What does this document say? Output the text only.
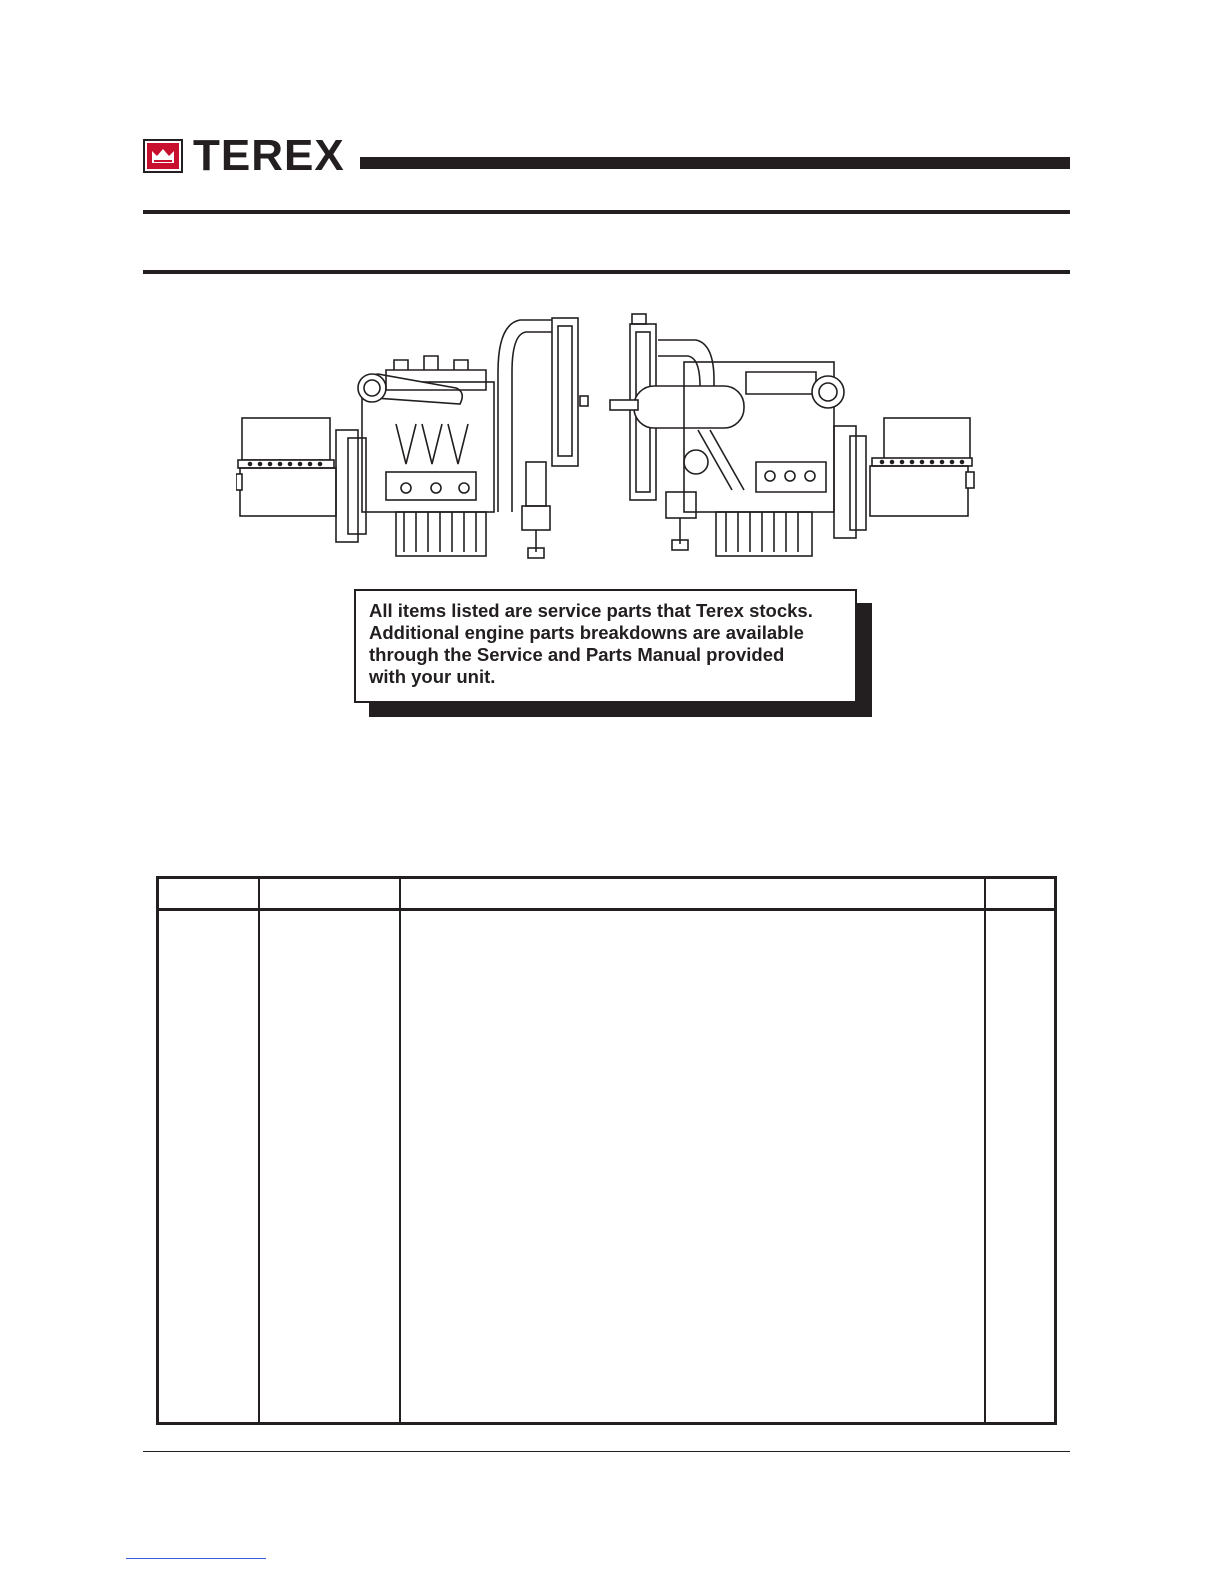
TEREX

All items listed are service parts that Terex stocks.

Additional engine parts breakdowns are available

through the Service and Parts Manual provided

with your unit.
